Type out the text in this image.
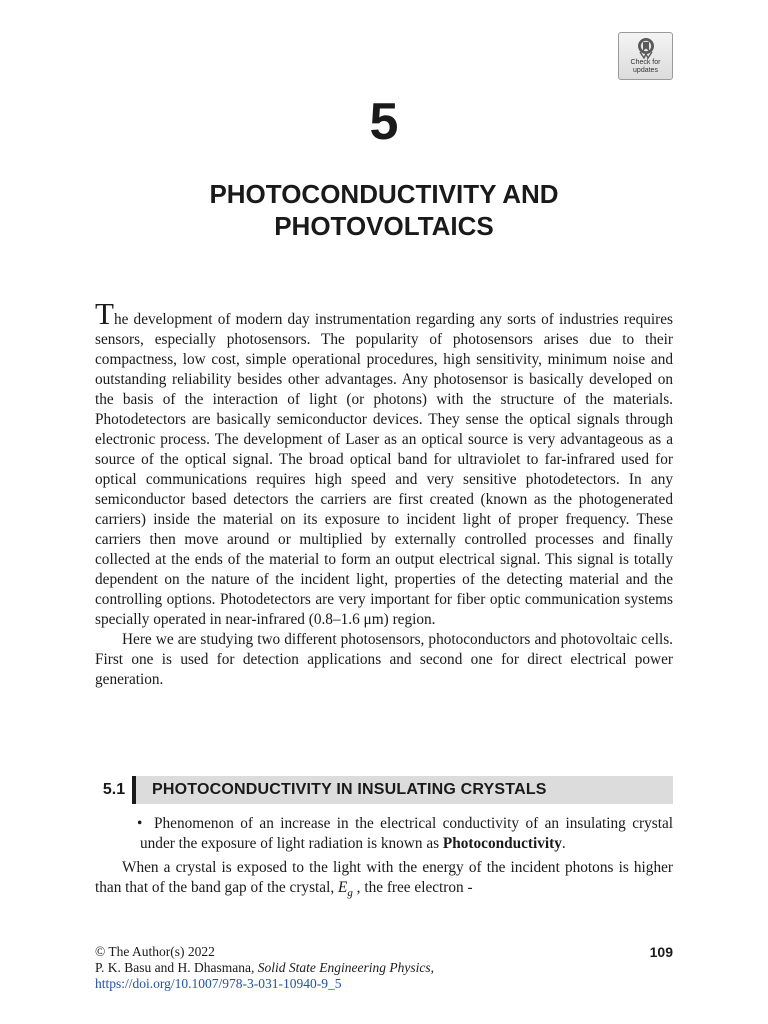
Check for
updates
5
PHOTOCONDUCTIVITY AND
PHOTOVOLTAICS

The development of modern day instrumentation regarding any sorts of industries requires sensors, especially photosensors. The popularity of photosensors arises due to their compactness, low cost, simple operational procedures, high sensitivity, minimum noise and outstanding reliability besides other advantages. Any photosensor is basically developed on the basis of the interaction of light (or photons) with the structure of the materials. Photodetectors are basically semiconductor devices. They sense the optical signals through electronic process. The development of Laser as an optical source is very advantageous as a source of the optical signal. The broad optical band for ultraviolet to far-infrared used for optical communications requires high speed and very sensitive photodetectors. In any semiconductor based detectors the carriers are first created (known as the photogenerated carriers) inside the material on its exposure to incident light of proper frequency. These carriers then move around or multiplied by externally controlled processes and finally collected at the ends of the material to form an output electrical signal. This signal is totally dependent on the nature of the incident light, properties of the detecting material and the controlling options. Photodetectors are very important for fiber optic communication systems specially operated in near-infrared (0.8–1.6 μm) region.

Here we are studying two different photosensors, photoconductors and photovoltaic cells. First one is used for detection applications and second one for direct electrical power generation.

5.1	PHOTOCONDUCTIVITY IN INSULATING CRYSTALS

• Phenomenon of an increase in the electrical conductivity of an insulating crystal under the exposure of light radiation is known as Photoconductivity.

When a crystal is exposed to the light with the energy of the incident photons is higher than that of the band gap of the crystal, $E_g$ , the free electron -

© The Author(s) 2022
P. K. Basu and H. Dhasmana, Solid State Engineering Physics,
https://doi.org/10.1007/978-3-031-10940-9_5
109
